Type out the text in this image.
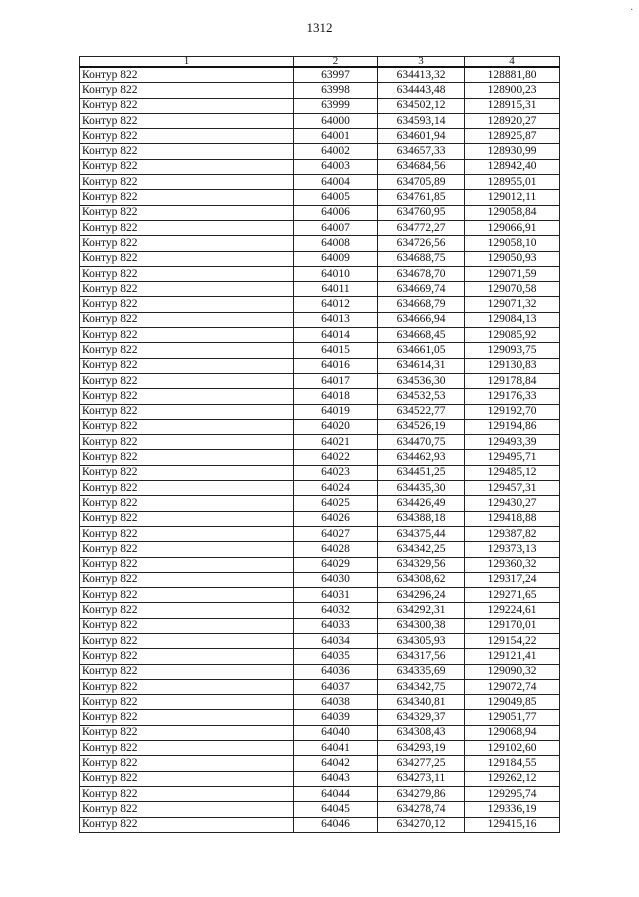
1312
.
1	2	3	4
Контур 822	63997	634413,32	128881,80
Контур 822	63998	634443,48	128900,23
Контур 822	63999	634502,12	128915,31
Контур 822	64000	634593,14	128920,27
Контур 822	64001	634601,94	128925,87
Контур 822	64002	634657,33	128930,99
Контур 822	64003	634684,56	128942,40
Контур 822	64004	634705,89	128955,01
Контур 822	64005	634761,85	129012,11
Контур 822	64006	634760,95	129058,84
Контур 822	64007	634772,27	129066,91
Контур 822	64008	634726,56	129058,10
Контур 822	64009	634688,75	129050,93
Контур 822	64010	634678,70	129071,59
Контур 822	64011	634669,74	129070,58
Контур 822	64012	634668,79	129071,32
Контур 822	64013	634666,94	129084,13
Контур 822	64014	634668,45	129085,92
Контур 822	64015	634661,05	129093,75
Контур 822	64016	634614,31	129130,83
Контур 822	64017	634536,30	129178,84
Контур 822	64018	634532,53	129176,33
Контур 822	64019	634522,77	129192,70
Контур 822	64020	634526,19	129194,86
Контур 822	64021	634470,75	129493,39
Контур 822	64022	634462,93	129495,71
Контур 822	64023	634451,25	129485,12
Контур 822	64024	634435,30	129457,31
Контур 822	64025	634426,49	129430,27
Контур 822	64026	634388,18	129418,88
Контур 822	64027	634375,44	129387,82
Контур 822	64028	634342,25	129373,13
Контур 822	64029	634329,56	129360,32
Контур 822	64030	634308,62	129317,24
Контур 822	64031	634296,24	129271,65
Контур 822	64032	634292,31	129224,61
Контур 822	64033	634300,38	129170,01
Контур 822	64034	634305,93	129154,22
Контур 822	64035	634317,56	129121,41
Контур 822	64036	634335,69	129090,32
Контур 822	64037	634342,75	129072,74
Контур 822	64038	634340,81	129049,85
Контур 822	64039	634329,37	129051,77
Контур 822	64040	634308,43	129068,94
Контур 822	64041	634293,19	129102,60
Контур 822	64042	634277,25	129184,55
Контур 822	64043	634273,11	129262,12
Контур 822	64044	634279,86	129295,74
Контур 822	64045	634278,74	129336,19
Контур 822	64046	634270,12	129415,16
